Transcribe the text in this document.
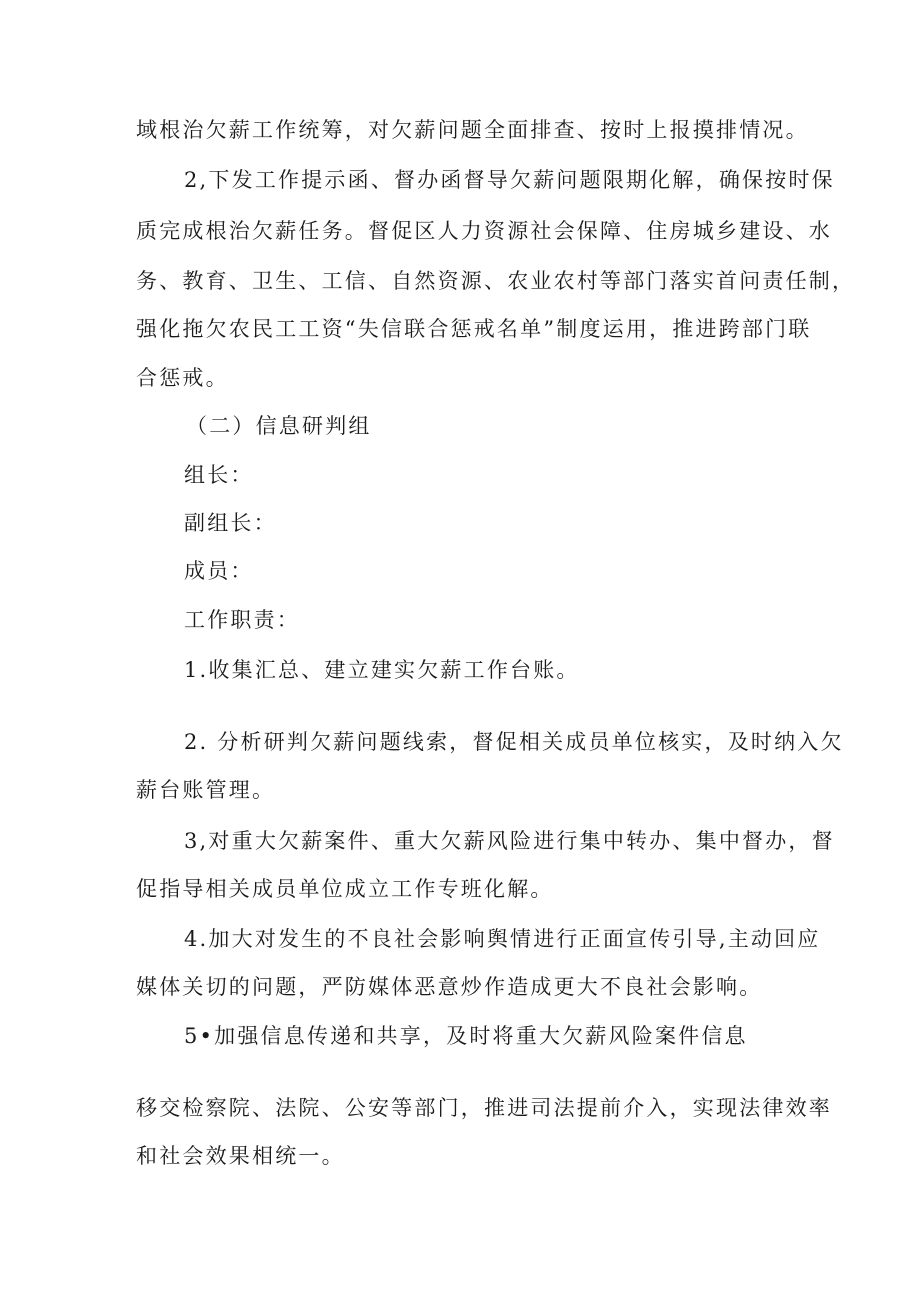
域根治欠薪工作统筹，对欠薪问题全面排查、按时上报摸排情况。
2,下发工作提示函、督办函督导欠薪问题限期化解，确保按时保
质完成根治欠薪任务。督促区人力资源社会保障、住房城乡建设、水
务、教育、卫生、工信、自然资源、农业农村等部门落实首问责任制，
强化拖欠农民工工资“失信联合惩戒名单”制度运用，推进跨部门联
合惩戒。
（二）信息研判组
组长：
副组长：
成员：
工作职责：
1.收集汇总、建立建实欠薪工作台账。
2. 分析研判欠薪问题线索，督促相关成员单位核实，及时纳入欠
薪台账管理。
3,对重大欠薪案件、重大欠薪风险进行集中转办、集中督办，督
促指导相关成员单位成立工作专班化解。
4.加大对发生的不良社会影响舆情进行正面宣传引导,主动回应
媒体关切的问题，严防媒体恶意炒作造成更大不良社会影响。
5•加强信息传递和共享，及时将重大欠薪风险案件信息
移交检察院、法院、公安等部门，推进司法提前介入，实现法律效率
和社会效果相统一。
